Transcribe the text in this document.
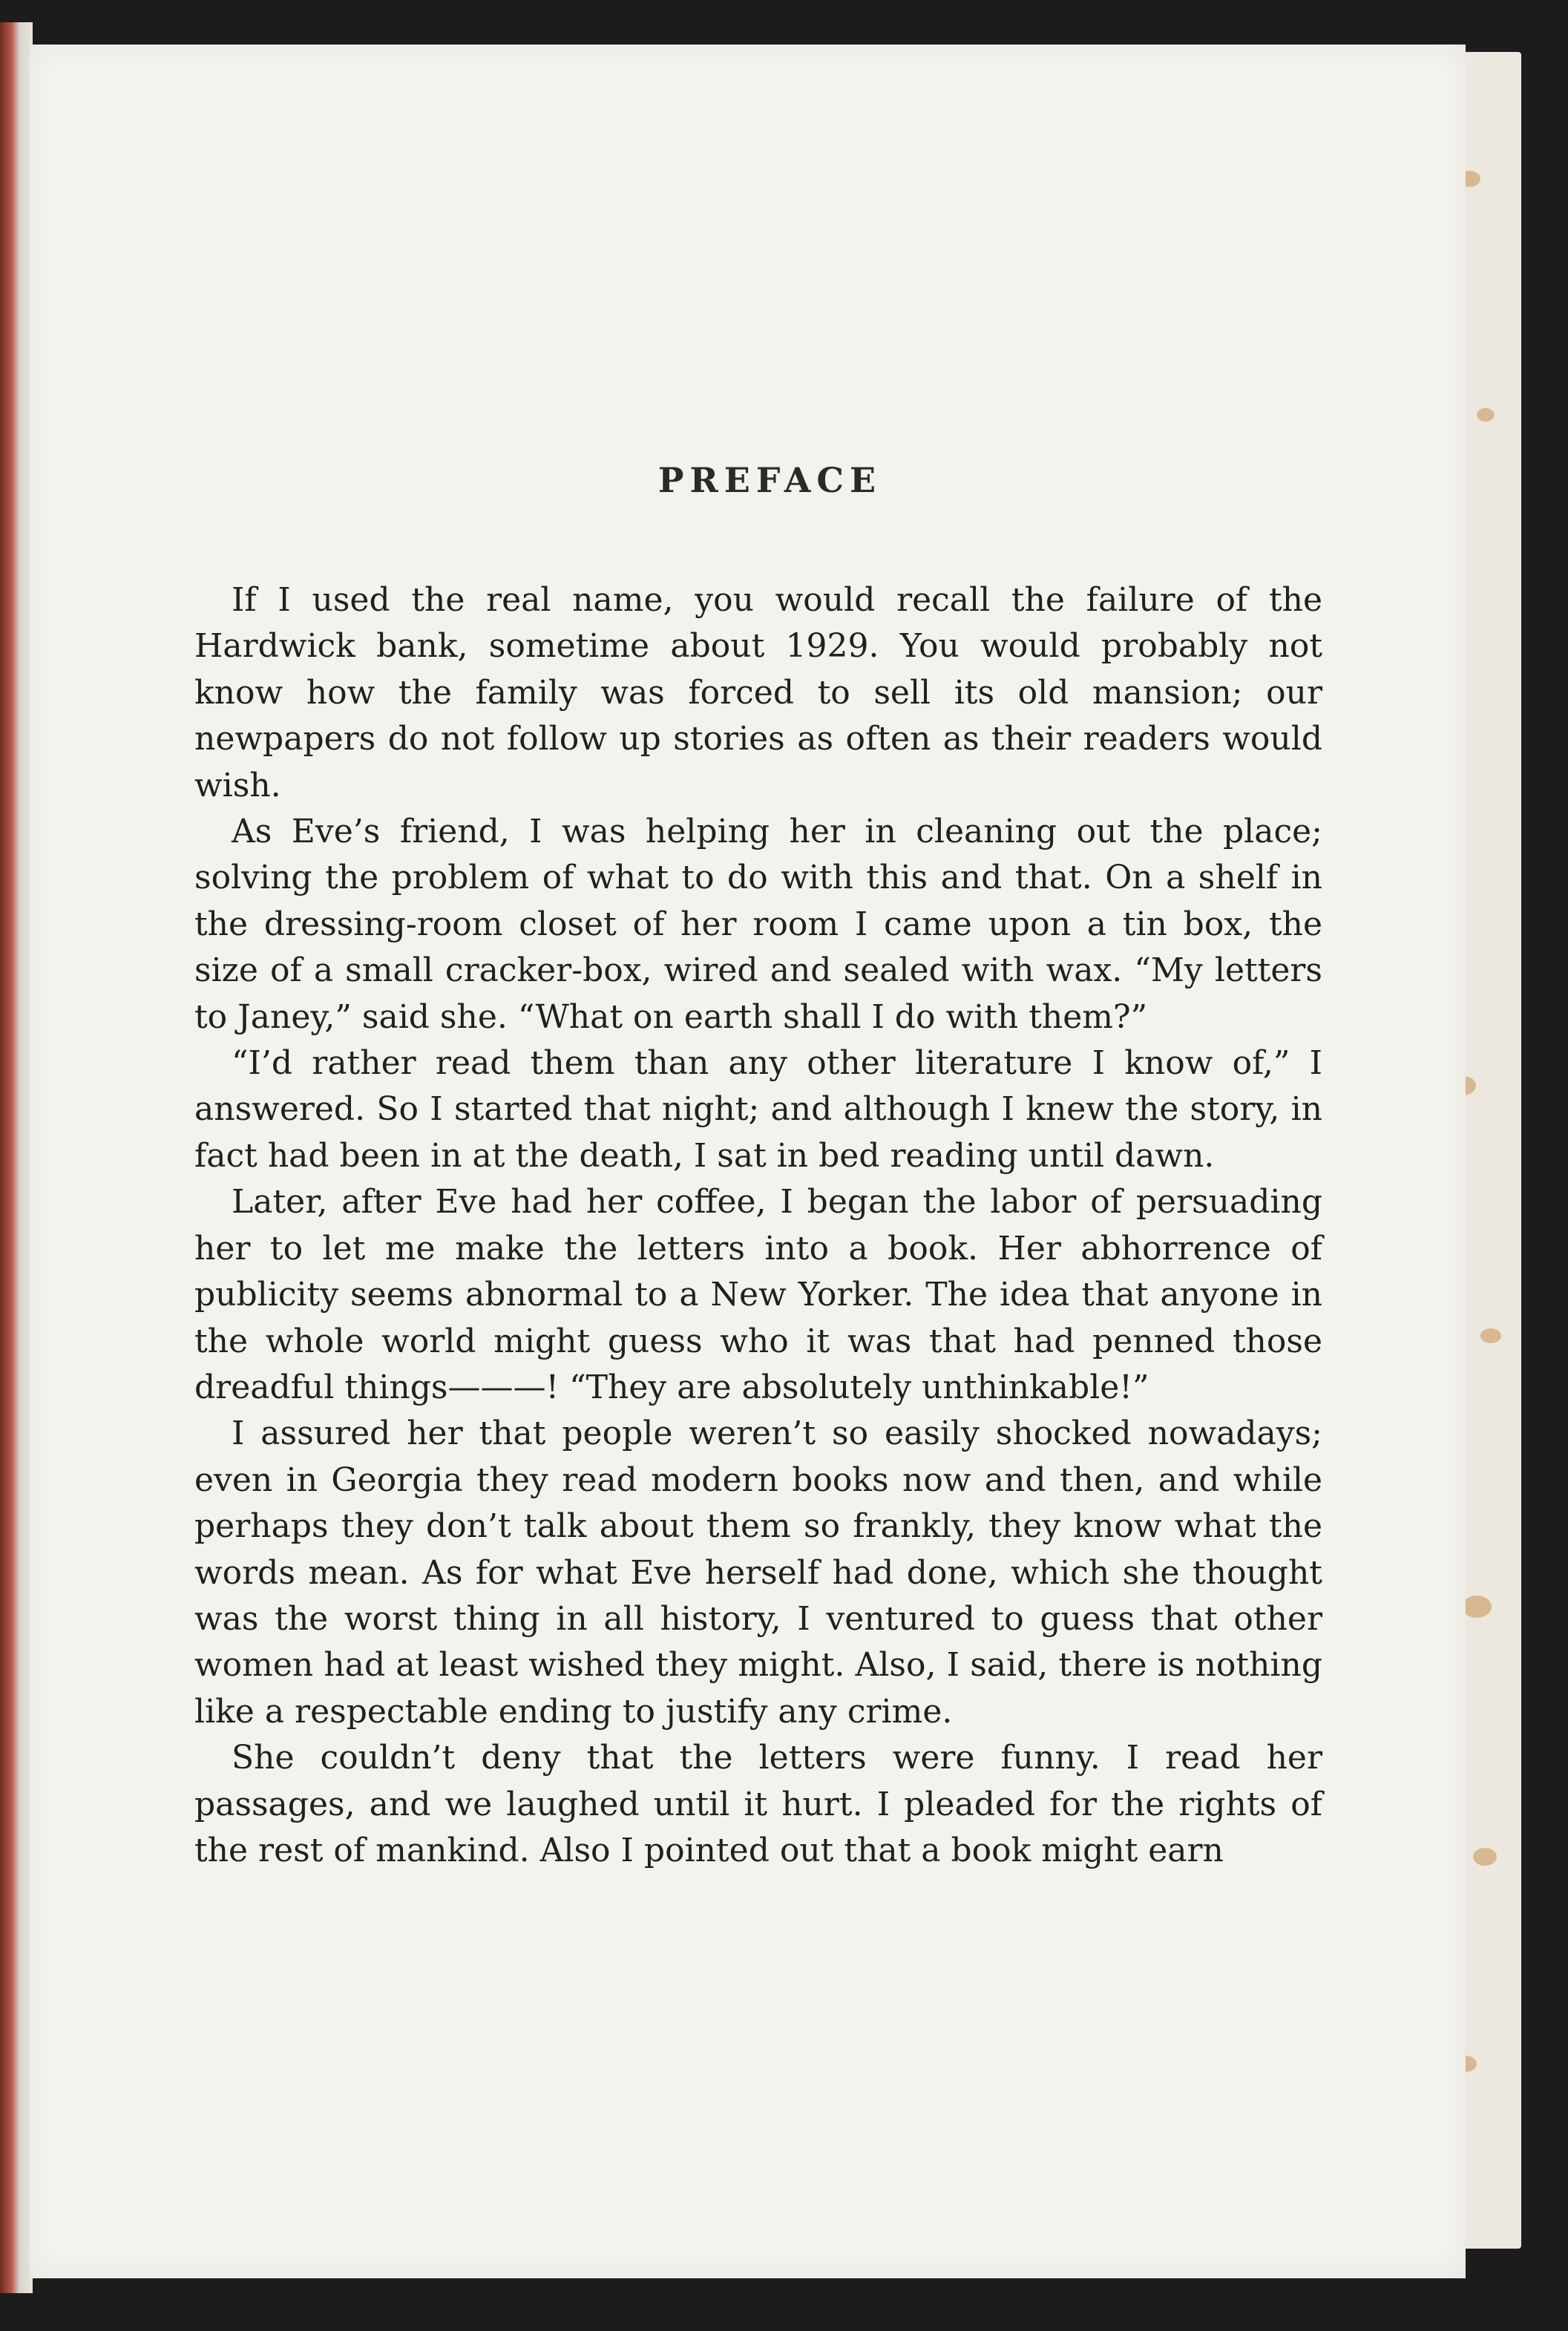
PREFACE

If I used the real name, you would recall the failure of the Hardwick bank, sometime about 1929. You would probably not know how the family was forced to sell its old mansion; our newpapers do not follow up stories as often as their readers would wish.

As Eve’s friend, I was helping her in cleaning out the place; solving the problem of what to do with this and that. On a shelf in the dressing-room closet of her room I came upon a tin box, the size of a small cracker-box, wired and sealed with wax. “My letters to Janey,” said she. “What on earth shall I do with them?”

“I’d rather read them than any other literature I know of,” I answered. So I started that night; and although I knew the story, in fact had been in at the death, I sat in bed reading until dawn.

Later, after Eve had her coffee, I began the labor of persuading her to let me make the letters into a book. Her abhorrence of publicity seems abnormal to a New Yorker. The idea that anyone in the whole world might guess who it was that had penned those dreadful things———! “They are absolutely unthinkable!”

I assured her that people weren’t so easily shocked nowadays; even in Georgia they read modern books now and then, and while perhaps they don’t talk about them so frankly, they know what the words mean. As for what Eve herself had done, which she thought was the worst thing in all history, I ventured to guess that other women had at least wished they might. Also, I said, there is nothing like a respectable ending to justify any crime.

She couldn’t deny that the letters were funny. I read her passages, and we laughed until it hurt. I pleaded for the rights of the rest of mankind. Also I pointed out that a book might earn
